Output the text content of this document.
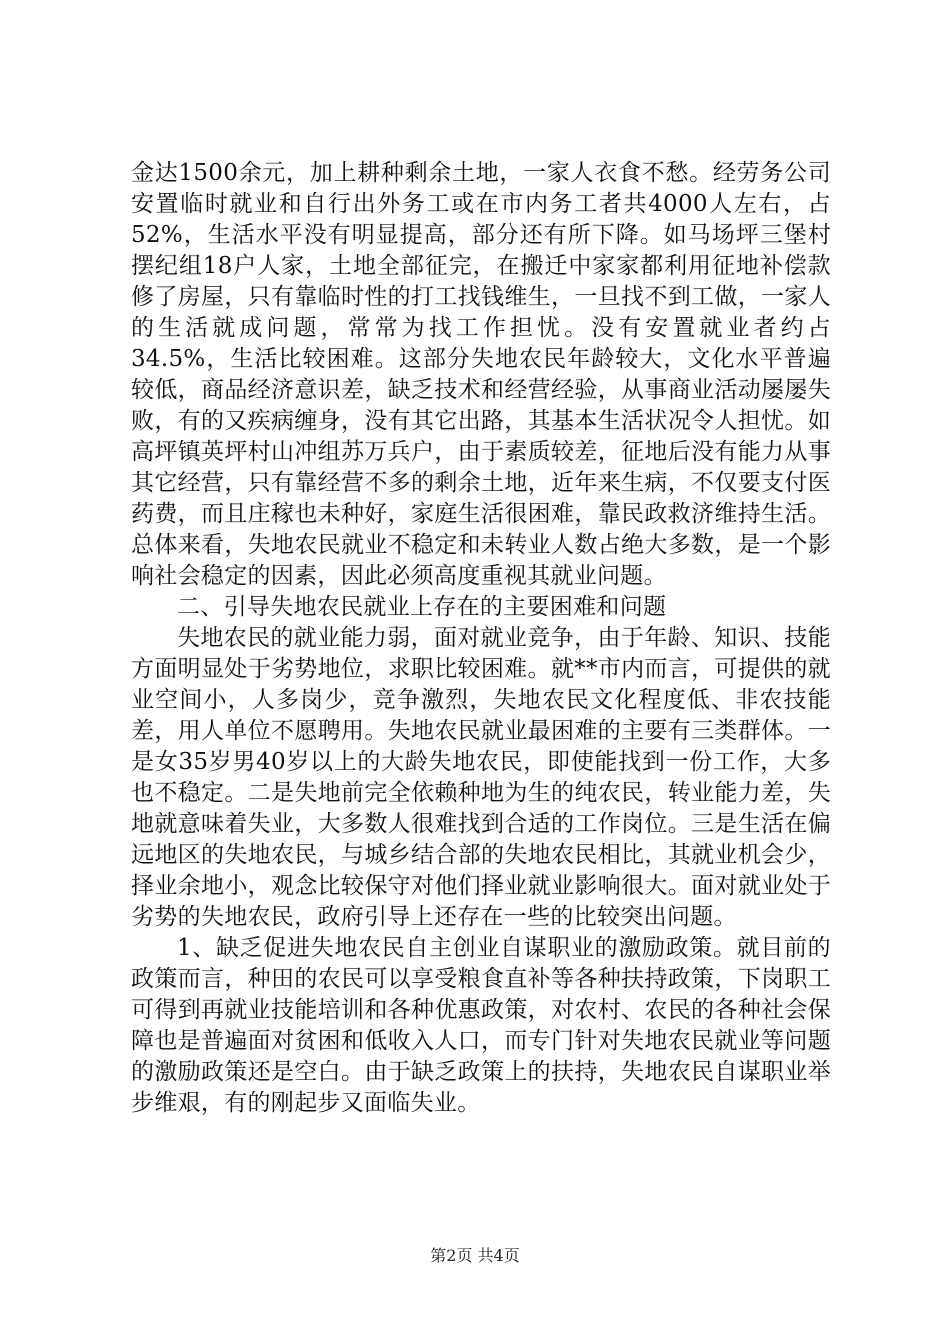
金达1500余元，加上耕种剩余土地，一家人衣食不愁。经劳务公司安置临时就业和自行出外务工或在市内务工者共4000人左右，占52%，生活水平没有明显提高，部分还有所下降。如马场坪三堡村摆纪组18户人家，土地全部征完，在搬迁中家家都利用征地补偿款修了房屋，只有靠临时性的打工找钱维生，一旦找不到工做，一家人的生活就成问题，常常为找工作担忧。没有安置就业者约占34.5%，生活比较困难。这部分失地农民年龄较大，文化水平普遍较低，商品经济意识差，缺乏技术和经营经验，从事商业活动屡屡失败，有的又疾病缠身，没有其它出路，其基本生活状况令人担忧。如高坪镇英坪村山冲组苏万兵户，由于素质较差，征地后没有能力从事其它经营，只有靠经营不多的剩余土地，近年来生病，不仅要支付医药费，而且庄稼也未种好，家庭生活很困难，靠民政救济维持生活。总体来看，失地农民就业不稳定和未转业人数占绝大多数，是一个影响社会稳定的因素，因此必须高度重视其就业问题。

二、引导失地农民就业上存在的主要困难和问题

失地农民的就业能力弱，面对就业竞争，由于年龄、知识、技能方面明显处于劣势地位，求职比较困难。就**市内而言，可提供的就业空间小，人多岗少，竞争激烈，失地农民文化程度低、非农技能差，用人单位不愿聘用。失地农民就业最困难的主要有三类群体。一是女35岁男40岁以上的大龄失地农民，即使能找到一份工作，大多也不稳定。二是失地前完全依赖种地为生的纯农民，转业能力差，失地就意味着失业，大多数人很难找到合适的工作岗位。三是生活在偏远地区的失地农民，与城乡结合部的失地农民相比，其就业机会少，择业余地小，观念比较保守对他们择业就业影响很大。面对就业处于劣势的失地农民，政府引导上还存在一些的比较突出问题。

1、缺乏促进失地农民自主创业自谋职业的激励政策。就目前的政策而言，种田的农民可以享受粮食直补等各种扶持政策，下岗职工可得到再就业技能培训和各种优惠政策，对农村、农民的各种社会保障也是普遍面对贫困和低收入人口，而专门针对失地农民就业等问题的激励政策还是空白。由于缺乏政策上的扶持，失地农民自谋职业举步维艰，有的刚起步又面临失业。

第2页 共4页
